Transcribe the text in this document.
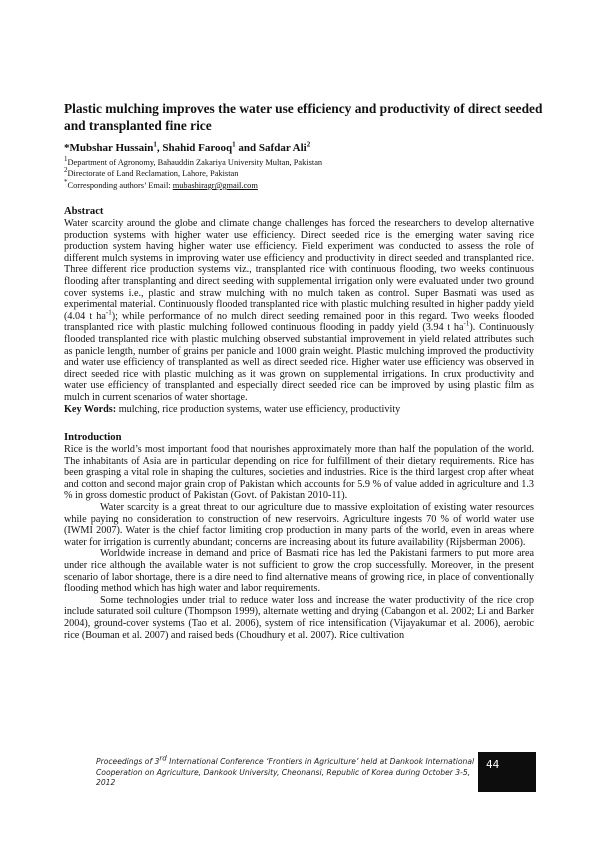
Plastic mulching improves the water use efficiency and productivity of direct seeded and transplanted fine rice
*Mubshar Hussain$^1$, Shahid Farooq$^1$ and Safdar Ali$^2$
$^1$Department of Agronomy, Bahauddin Zakariya University Multan, Pakistan
$^2$Directorate of Land Reclamation, Lahore, Pakistan
*Corresponding authors’ Email: mubashiragr@gmail.com
Abstract

Water scarcity around the globe and climate change challenges has forced the researchers to develop alternative production systems with higher water use efficiency. Direct seeded rice is the emerging water saving rice production system having higher water use efficiency. Field experiment was conducted to assess the role of different mulch systems in improving water use efficiency and productivity in direct seeded and transplanted rice. Three different rice production systems viz., transplanted rice with continuous flooding, two weeks continuous flooding after transplanting and direct seeding with supplemental irrigation only were evaluated under two ground cover systems i.e., plastic and straw mulching with no mulch taken as control. Super Basmati was used as experimental material. Continuously flooded transplanted rice with plastic mulching resulted in higher paddy yield (4.04 t $ha^{-1}$); while performance of no mulch direct seeding remained poor in this regard. Two weeks flooded transplanted rice with plastic mulching followed continuous flooding in paddy yield (3.94 t $ha^{-1}$). Continuously flooded transplanted rice with plastic mulching observed substantial improvement in yield related attributes such as panicle length, number of grains per panicle and 1000 grain weight. Plastic mulching improved the productivity and water use efficiency of transplanted as well as direct seeded rice. Higher water use efficiency was observed in direct seeded rice with plastic mulching as it was grown on supplemental irrigations. In crux productivity and water use efficiency of transplanted and especially direct seeded rice can be improved by using plastic film as mulch in current scenarios of water shortage.

Key Words: mulching, rice production systems, water use efficiency, productivity

Introduction

Rice is the world’s most important food that nourishes approximately more than half the population of the world. The inhabitants of Asia are in particular depending on rice for fulfillment of their dietary requirements. Rice has been grasping a vital role in shaping the cultures, societies and industries. Rice is the third largest crop after wheat and cotton and second major grain crop of Pakistan which accounts for 5.9 % of value added in agriculture and 1.3 % in gross domestic product of Pakistan (Govt. of Pakistan 2010-11).

Water scarcity is a great threat to our agriculture due to massive exploitation of existing water resources while paying no consideration to construction of new reservoirs. Agriculture ingests 70 % of world water use (IWMI 2007). Water is the chief factor limiting crop production in many parts of the world, even in areas where water for irrigation is currently abundant; concerns are increasing about its future availability (Rijsberman 2006).

Worldwide increase in demand and price of Basmati rice has led the Pakistani farmers to put more area under rice although the available water is not sufficient to grow the crop successfully. Moreover, in the present scenario of labor shortage, there is a dire need to find alternative means of growing rice, in place of conventionally flooding method which has high water and labor requirements.

Some technologies under trial to reduce water loss and increase the water productivity of the rice crop include saturated soil culture (Thompson 1999), alternate wetting and drying (Cabangon et al. 2002; Li and Barker 2004), ground-cover systems (Tao et al. 2006), system of rice intensification (Vijayakumar et al. 2006), aerobic rice (Bouman et al. 2007) and raised beds (Choudhury et al. 2007). Rice cultivation

Proceedings of 3rd International Conference ‘Frontiers in Agriculture’ held at Dankook International Cooperation on Agriculture, Dankook University, Cheonansi, Republic of Korea during October 3-5, 2012
44
